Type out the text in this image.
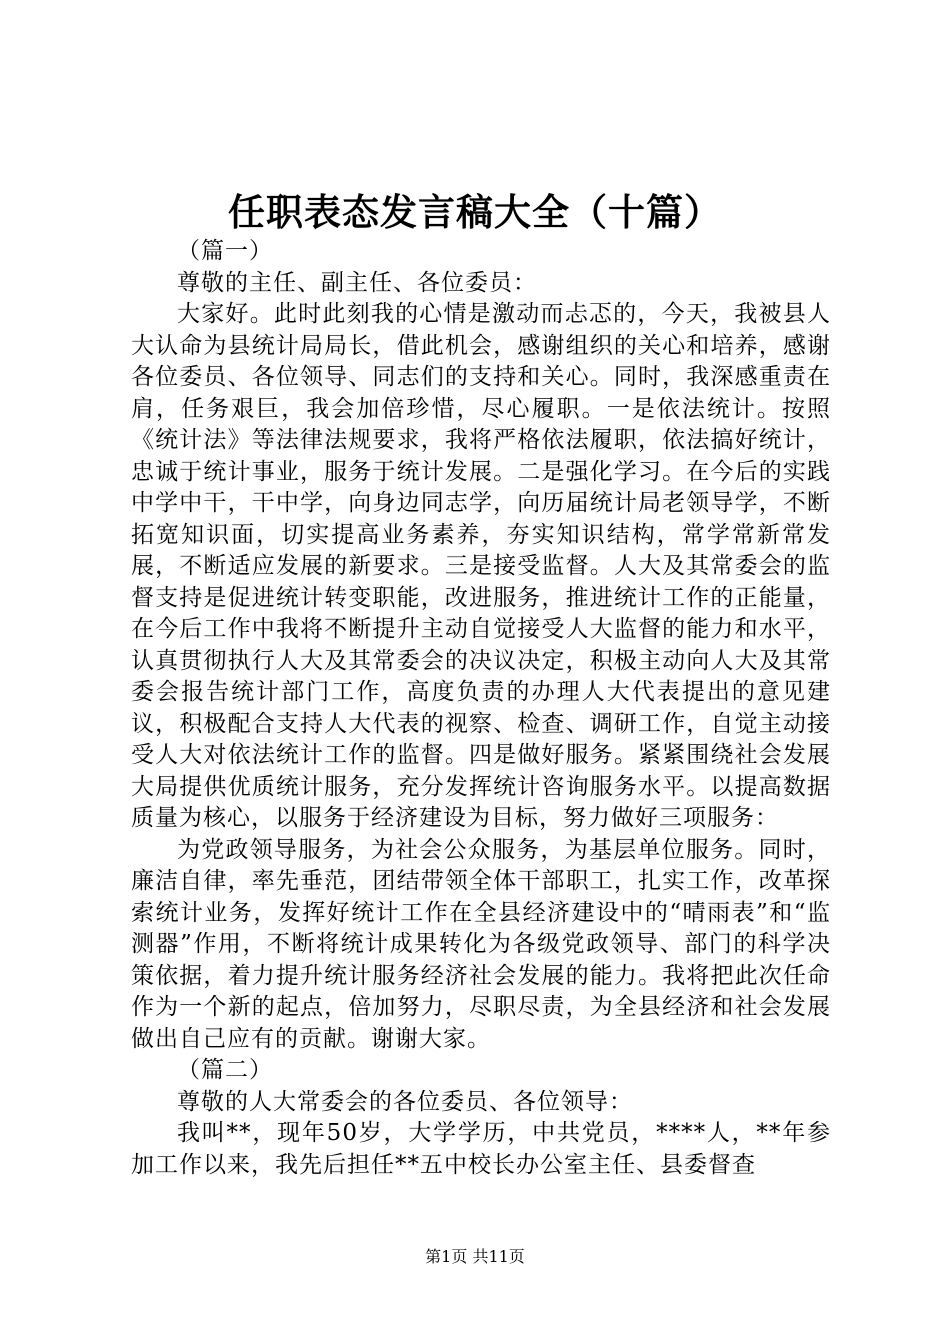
任职表态发言稿大全（十篇）

（篇一）

尊敬的主任、副主任、各位委员：

大家好。此时此刻我的心情是激动而忐忑的，今天，我被县人大认命为县统计局局长，借此机会，感谢组织的关心和培养，感谢各位委员、各位领导、同志们的支持和关心。同时，我深感重责在肩，任务艰巨，我会加倍珍惜，尽心履职。一是依法统计。按照《统计法》等法律法规要求，我将严格依法履职，依法搞好统计，忠诚于统计事业，服务于统计发展。二是强化学习。在今后的实践中学中干，干中学，向身边同志学，向历届统计局老领导学，不断拓宽知识面，切实提高业务素养，夯实知识结构，常学常新常发展，不断适应发展的新要求。三是接受监督。人大及其常委会的监督支持是促进统计转变职能，改进服务，推进统计工作的正能量，在今后工作中我将不断提升主动自觉接受人大监督的能力和水平，认真贯彻执行人大及其常委会的决议决定，积极主动向人大及其常委会报告统计部门工作，高度负责的办理人大代表提出的意见建议，积极配合支持人大代表的视察、检查、调研工作，自觉主动接受人大对依法统计工作的监督。四是做好服务。紧紧围绕社会发展大局提供优质统计服务，充分发挥统计咨询服务水平。以提高数据质量为核心，以服务于经济建设为目标，努力做好三项服务：

为党政领导服务，为社会公众服务，为基层单位服务。同时，廉洁自律，率先垂范，团结带领全体干部职工，扎实工作，改革探索统计业务，发挥好统计工作在全县经济建设中的“晴雨表”和“监测器”作用，不断将统计成果转化为各级党政领导、部门的科学决策依据，着力提升统计服务经济社会发展的能力。我将把此次任命作为一个新的起点，倍加努力，尽职尽责，为全县经济和社会发展做出自己应有的贡献。谢谢大家。

（篇二）

尊敬的人大常委会的各位委员、各位领导：

我叫**，现年50岁，大学学历，中共党员，****人，**年参加工作以来，我先后担任**五中校长办公室主任、县委督查

第1页 共11页
